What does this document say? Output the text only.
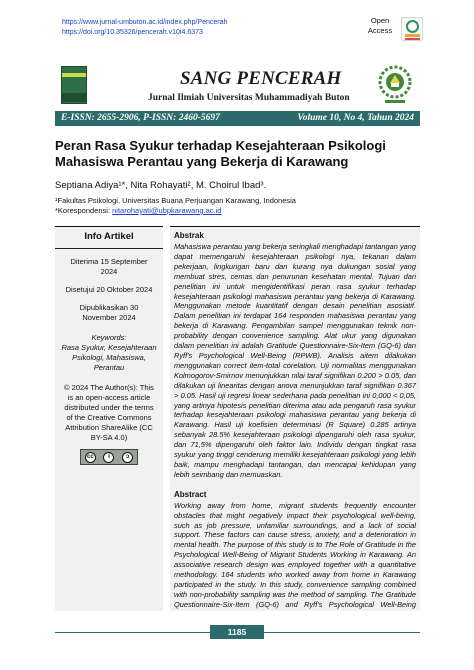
https://www.jurnal-umbuton.ac.id/index.php/Pencerah
https://doi.org/10.35326/pencerah.v10i4.6373
Open
Access
SANG PENCERAH
Jurnal Ilmiah Universitas Muhammadiyah Buton
E-ISSN: 2655-2906, P-ISSN: 2460-5697	Volume 10, No 4, Tahun 2024
Peran Rasa Syukur terhadap Kesejahteraan Psikologi Mahasiswa Perantau yang Bekerja di Karawang
Septiana Adiya¹*, Nita Rohayati², M. Choirul Ibad³.
¹Fakultas Psikologi, Universitas Buana Perjuangan Karawang, Indonesia
*Korespondensi: nitarohayati@ubpkarawang.ac.id
Info Artikel
Diterima 15 September 2024
Disetujui 20 Oktober 2024
Dipublikasikan 30 November 2024
Keywords:
Rasa Syukur, Kesejahteraan Psikologi, Mahasiswa, Perantau
© 2024 The Author(s): This is an open-access article distributed under the terms of the Creative Commons Attribution ShareAlike (CC BY-SA 4.0)
cc	i	ɔ
Abstrak
Mahasiswa perantau yang bekerja seringkali menghadapi tantangan yang dapat memengaruhi kesejahteraan psikologi nya, tekanan dalam pekerjaan, lingkungan baru dan kurang nya dukungan sosial yang membuat stres, cemas dan penurunan kesehatan mental. Tujuan dari penelitian ini untuk mengidentifikasi peran rasa syukur terhadap kesejahteraan psikologi mahasiswa perantau yang bekerja di Karawang. Menggunakan metode kuantitatif dengan desain penelitian asosiatif. Dalam penelitian ini terdapat 164 responden mahasiswa perantau yang bekerja di Karawang. Pengambilan sampel menggunakan teknik non-probability dengan convenience sampling. Alat ukur yang digunakan dalam penelitian ini adalah Gratitude Questionnaire-Six-Item (GQ-6) dan Ryff's Psychological Well-Being (RPWB). Analisis aitem dilakukan menggunakan correct item-total corelation. Uji normalitas menggunakan Kolmogorov-Smirnov menunjukkan nilai taraf signifikan 0.200 > 0.05, dan dilakukan uji linearitas dengan anova menunjukkan taraf signifikan 0.367 > 0.05. Hasil uji regresi linear sederhana pada penelitian ini 0,000 < 0,05, yang artinya hipotesis penelitian diterima atau ada pengaruh rasa syukur terhadap kesejahteraan psikologi mahasiswa perantau yang bekerja di Karawang. Hasil uji koefisien determinasi (R Square) 0.285 artinya sebanyak 28.5% kesejahteraan psikologi dipengaruhi oleh rasa syukur, dan 71,5% dipengaruhi oleh faktor lain. Individu dengan tingkat rasa syukur yang tinggi cenderung memiliki kesejahteraan psikologi yang lebih baik, mampu menghadapi tantangan, dan mencapai kehidupan yang lebih seimbang dan memuaskan.
Abstract
Working away from home, migrant students frequently encounter obstacles that might negatively impact their psychological well-being, such as job pressure, unfamiliar surroundings, and a lack of social support. These factors can cause stress, anxiety, and a deterioration in mental health. The purpose of this study is to The Role of Gratitude in the Psychological Well-Being of Migrant Students Working in Karawang. An associative research design was employed together with a quantitative methodology. 164 students who worked away from home in Karawang participated in the study. In this study, convenience sampling combined with non-probability sampling was the method of sampling. The Gratitude Questionnaire-Six-Item (GQ-6) and Ryff's Psychological Well-Being
1185
